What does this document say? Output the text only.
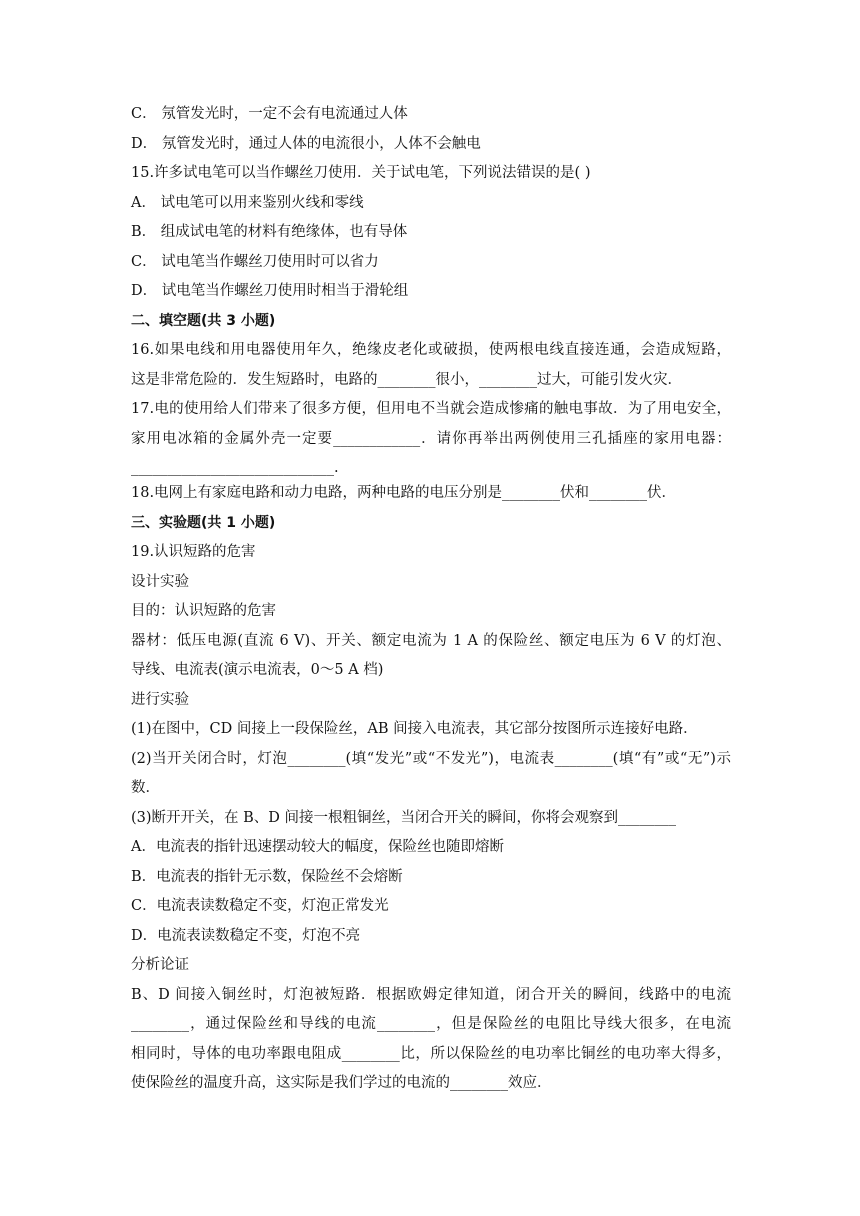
C． 氖管发光时，一定不会有电流通过人体
D． 氖管发光时，通过人体的电流很小，人体不会触电
15.许多试电笔可以当作螺丝刀使用．关于试电笔，下列说法错误的是( )
A． 试电笔可以用来鉴别火线和零线
B． 组成试电笔的材料有绝缘体，也有导体
C． 试电笔当作螺丝刀使用时可以省力
D． 试电笔当作螺丝刀使用时相当于滑轮组
二、填空题(共 3 小题)
16.如果电线和用电器使用年久，绝缘皮老化或破损，使两根电线直接连通，会造成短路，
这是非常危险的．发生短路时，电路的________很小，________过大，可能引发火灾．
17.电的使用给人们带来了很多方便，但用电不当就会造成惨痛的触电事故．为了用电安全，
家用电冰箱的金属外壳一定要____________．请你再举出两例使用三孔插座的家用电器：
____________________________.
18.电网上有家庭电路和动力电路，两种电路的电压分别是________伏和________伏．
三、实验题(共 1 小题)
19.认识短路的危害
设计实验
目的：认识短路的危害
器材：低压电源(直流 6 V)、开关、额定电流为 1 A 的保险丝、额定电压为 6 V 的灯泡、
导线、电流表(演示电流表，0～5 A 档)
进行实验
(1)在图中，CD 间接上一段保险丝，AB 间接入电流表，其它部分按图所示连接好电路．
(2)当开关闭合时，灯泡________(填“发光”或“不发光”)，电流表________(填“有”或“无”)示
数．
(3)断开开关，在 B、D 间接一根粗铜丝，当闭合开关的瞬间，你将会观察到________
A．电流表的指针迅速摆动较大的幅度，保险丝也随即熔断
B．电流表的指针无示数，保险丝不会熔断
C．电流表读数稳定不变，灯泡正常发光
D．电流表读数稳定不变，灯泡不亮
分析论证
B、D 间接入铜丝时，灯泡被短路．根据欧姆定律知道，闭合开关的瞬间，线路中的电流
________，通过保险丝和导线的电流________，但是保险丝的电阻比导线大很多，在电流
相同时，导体的电功率跟电阻成________比，所以保险丝的电功率比铜丝的电功率大得多，
使保险丝的温度升高，这实际是我们学过的电流的________效应．
